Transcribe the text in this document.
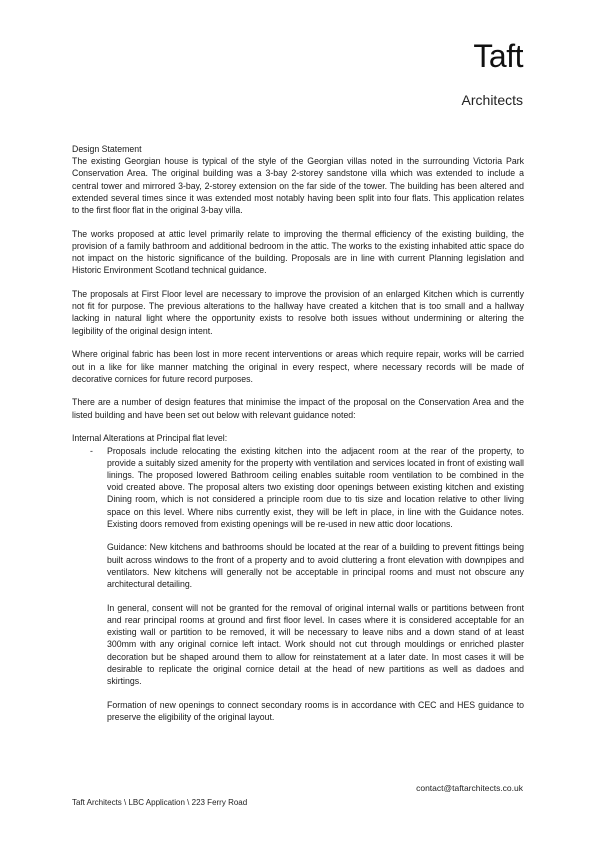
Taft
Architects
Design Statement

The existing Georgian house is typical of the style of the Georgian villas noted in the surrounding Victoria Park Conservation Area. The original building was a 3-bay 2-storey sandstone villa which was extended to include a central tower and mirrored 3-bay, 2-storey extension on the far side of the tower. The building has been altered and extended several times since it was extended most notably having been split into four flats. This application relates to the first floor flat in the original 3-bay villa.

The works proposed at attic level primarily relate to improving the thermal efficiency of the existing building, the provision of a family bathroom and additional bedroom in the attic. The works to the existing inhabited attic space do not impact on the historic significance of the building. Proposals are in line with current Planning legislation and Historic Environment Scotland technical guidance.

The proposals at First Floor level are necessary to improve the provision of an enlarged Kitchen which is currently not fit for purpose. The previous alterations to the hallway have created a kitchen that is too small and a hallway lacking in natural light where the opportunity exists to resolve both issues without undermining or altering the legibility of the original design intent.

Where original fabric has been lost in more recent interventions or areas which require repair, works will be carried out in a like for like manner matching the original in every respect, where necessary records will be made of decorative cornices for future record purposes.

There are a number of design features that minimise the impact of the proposal on the Conservation Area and the listed building and have been set out below with relevant guidance noted:

Internal Alterations at Principal flat level:
- Proposals include relocating the existing kitchen into the adjacent room at the rear of the property, to provide a suitably sized amenity for the property with ventilation and services located in front of existing wall linings. The proposed lowered Bathroom ceiling enables suitable room ventilation to be combined in the void created above. The proposal alters two existing door openings between existing kitchen and existing Dining room, which is not considered a principle room due to tis size and location relative to other living space on this level. Where nibs currently exist, they will be left in place, in line with the Guidance notes. Existing doors removed from existing openings will be re-used in new attic door locations.

Guidance: New kitchens and bathrooms should be located at the rear of a building to prevent fittings being built across windows to the front of a property and to avoid cluttering a front elevation with downpipes and ventilators. New kitchens will generally not be acceptable in principal rooms and must not obscure any architectural detailing.

In general, consent will not be granted for the removal of original internal walls or partitions between front and rear principal rooms at ground and first floor level. In cases where it is considered acceptable for an existing wall or partition to be removed, it will be necessary to leave nibs and a down stand of at least 300mm with any original cornice left intact. Work should not cut through mouldings or enriched plaster decoration but be shaped around them to allow for reinstatement at a later date. In most cases it will be desirable to replicate the original cornice detail at the head of new partitions as well as dadoes and skirtings.

Formation of new openings to connect secondary rooms is in accordance with CEC and HES guidance to preserve the eligibility of the original layout.

contact@taftarchitects.co.uk
Taft Architects \ LBC Application \ 223 Ferry Road
